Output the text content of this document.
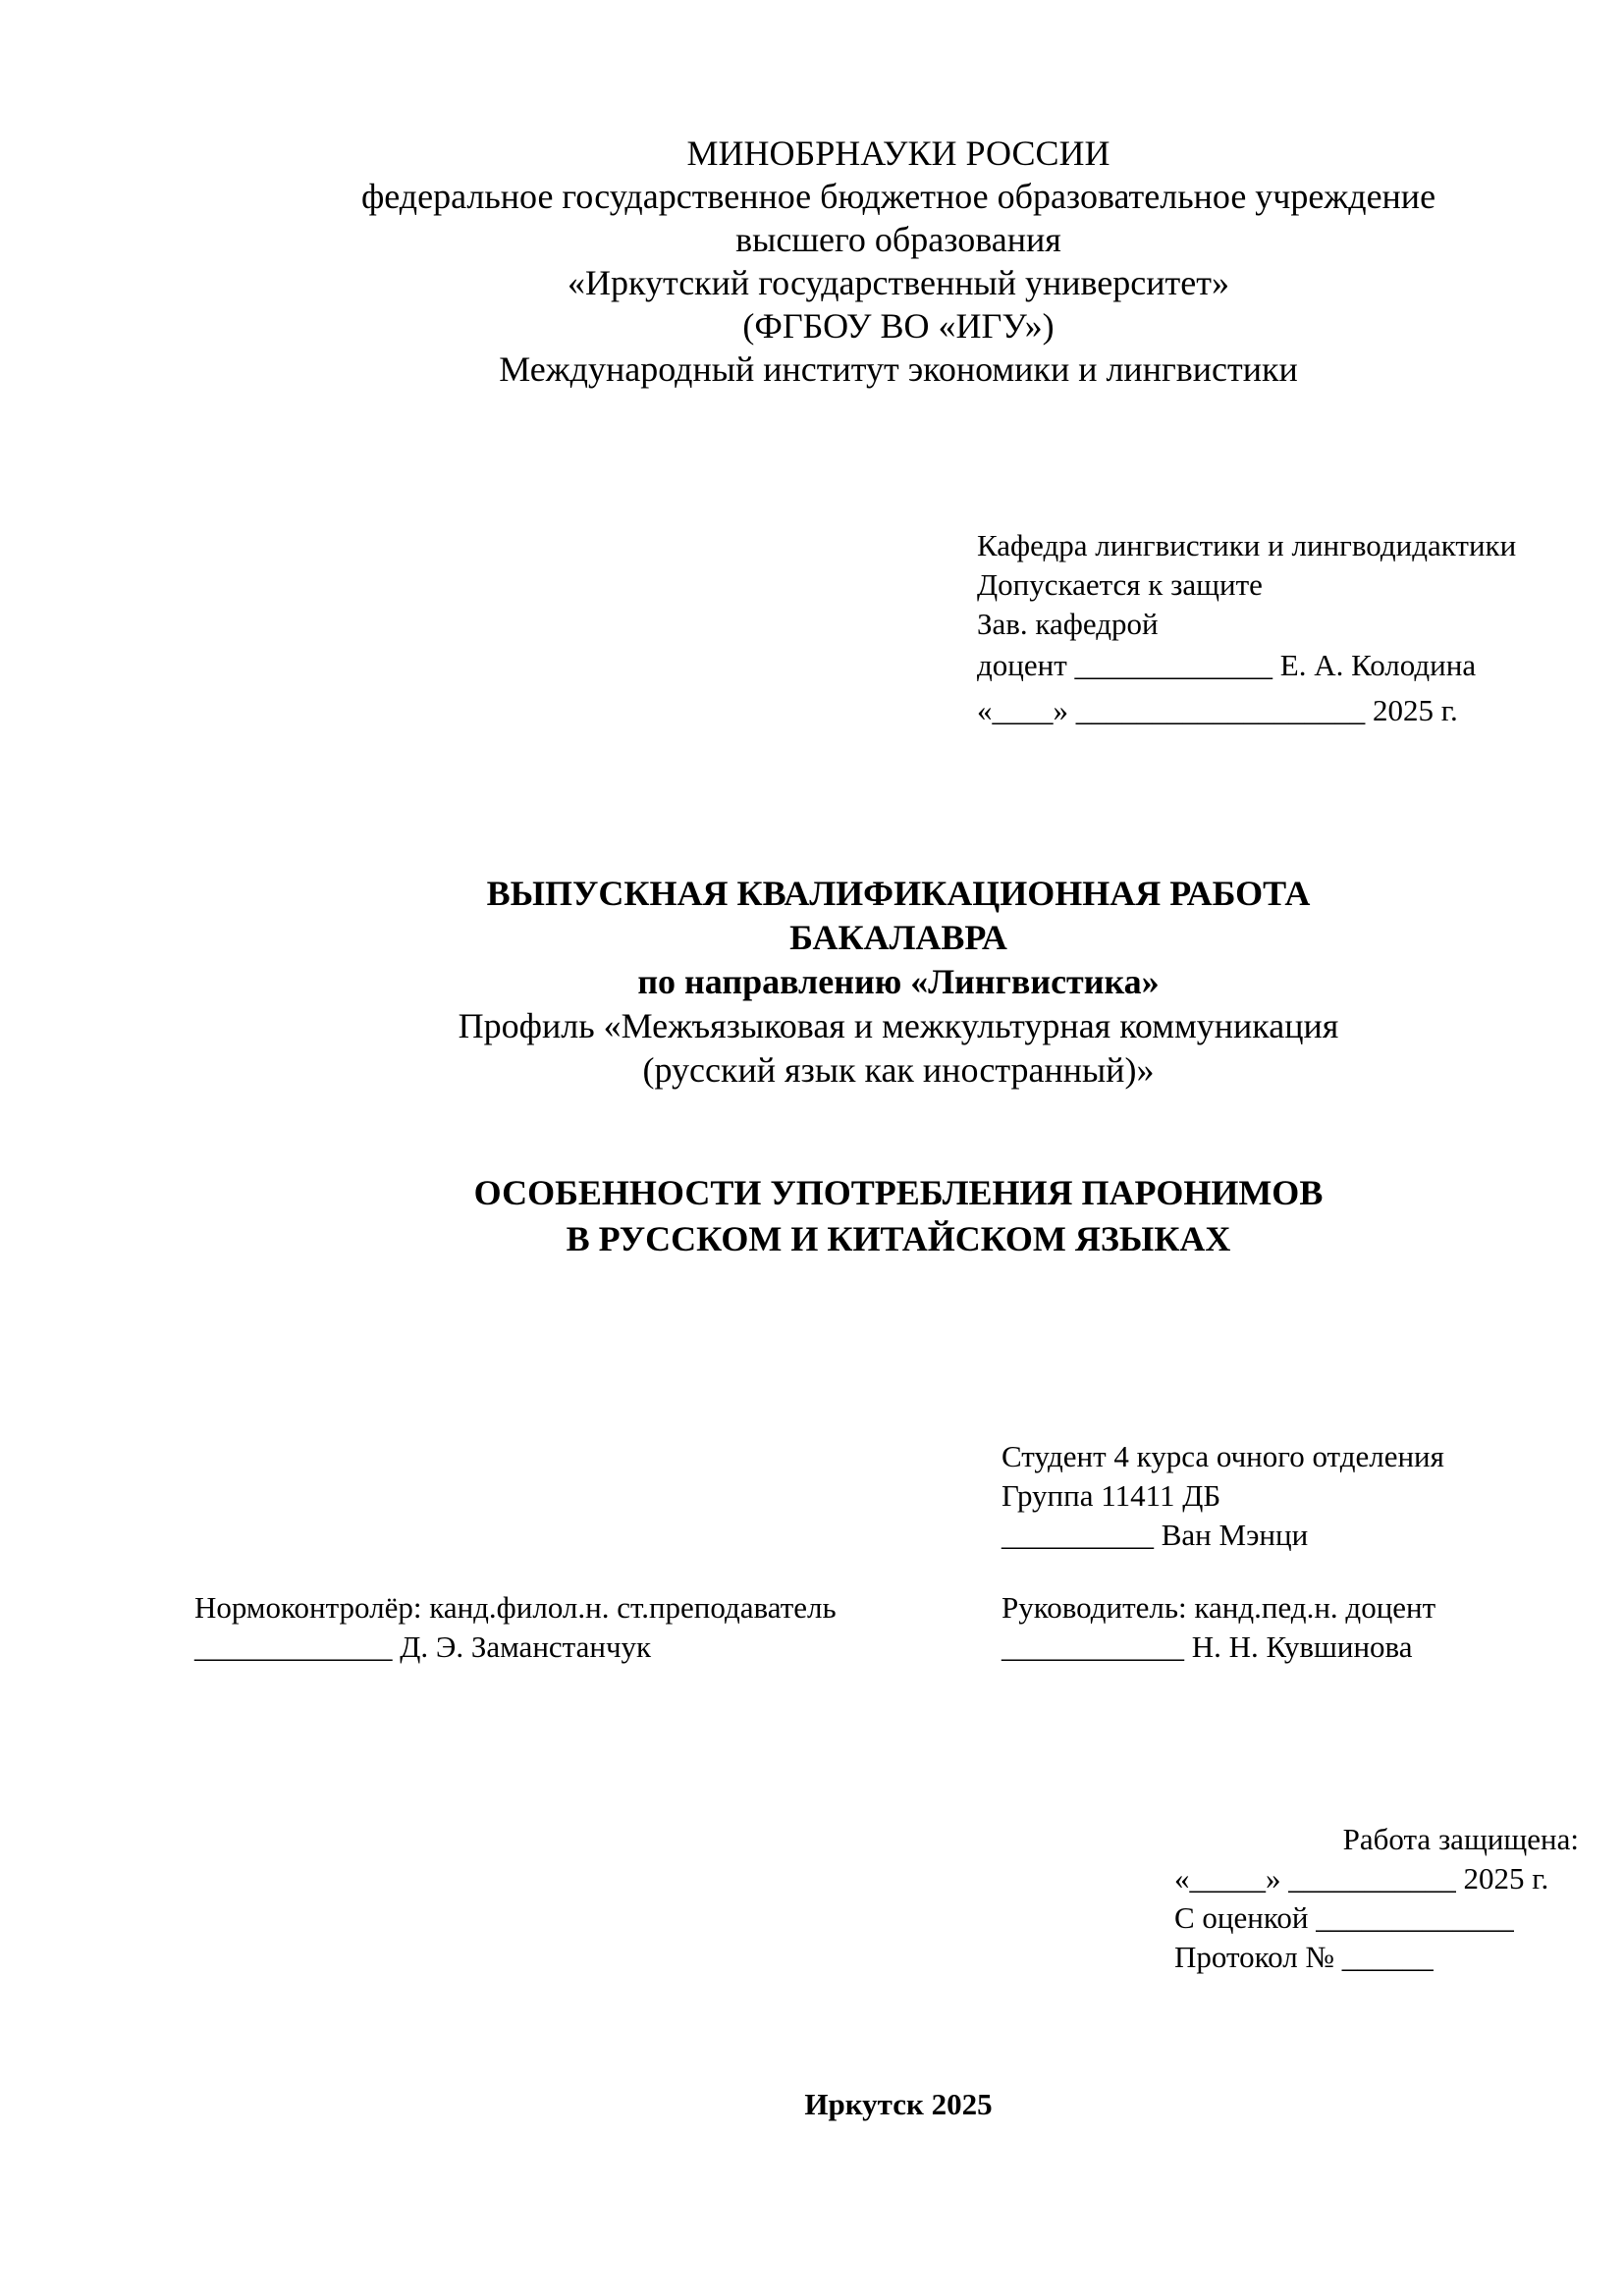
МИНОБРНАУКИ РОССИИ
федеральное государственное бюджетное образовательное учреждение
высшего образования
«Иркутский государственный университет»
(ФГБОУ ВО «ИГУ»)
Международный институт экономики и лингвистики
Кафедра лингвистики и лингводидактики
Допускается к защите
Зав. кафедрой
доцент _____________ Е. А. Колодина
«____» ___________________ 2025 г.
ВЫПУСКНАЯ КВАЛИФИКАЦИОННАЯ РАБОТА
БАКАЛАВРА
по направлению «Лингвистика»
Профиль «Межъязыковая и межкультурная коммуникация
(русский язык как иностранный)»
ОСОБЕННОСТИ УПОТРЕБЛЕНИЯ ПАРОНИМОВ
В РУССКОМ И КИТАЙСКОМ ЯЗЫКАХ
Студент 4 курса очного отделения
Группа 11411 ДБ
__________ Ван Мэнци
Нормоконтролёр: канд.филол.н. ст.преподаватель
_____________ Д. Э. Заманстанчук
Руководитель: канд.пед.н. доцент
____________ Н. Н. Кувшинова
Работа защищена:
«_____» ___________ 2025 г.
С оценкой _____________
Протокол № ______
Иркутск 2025
